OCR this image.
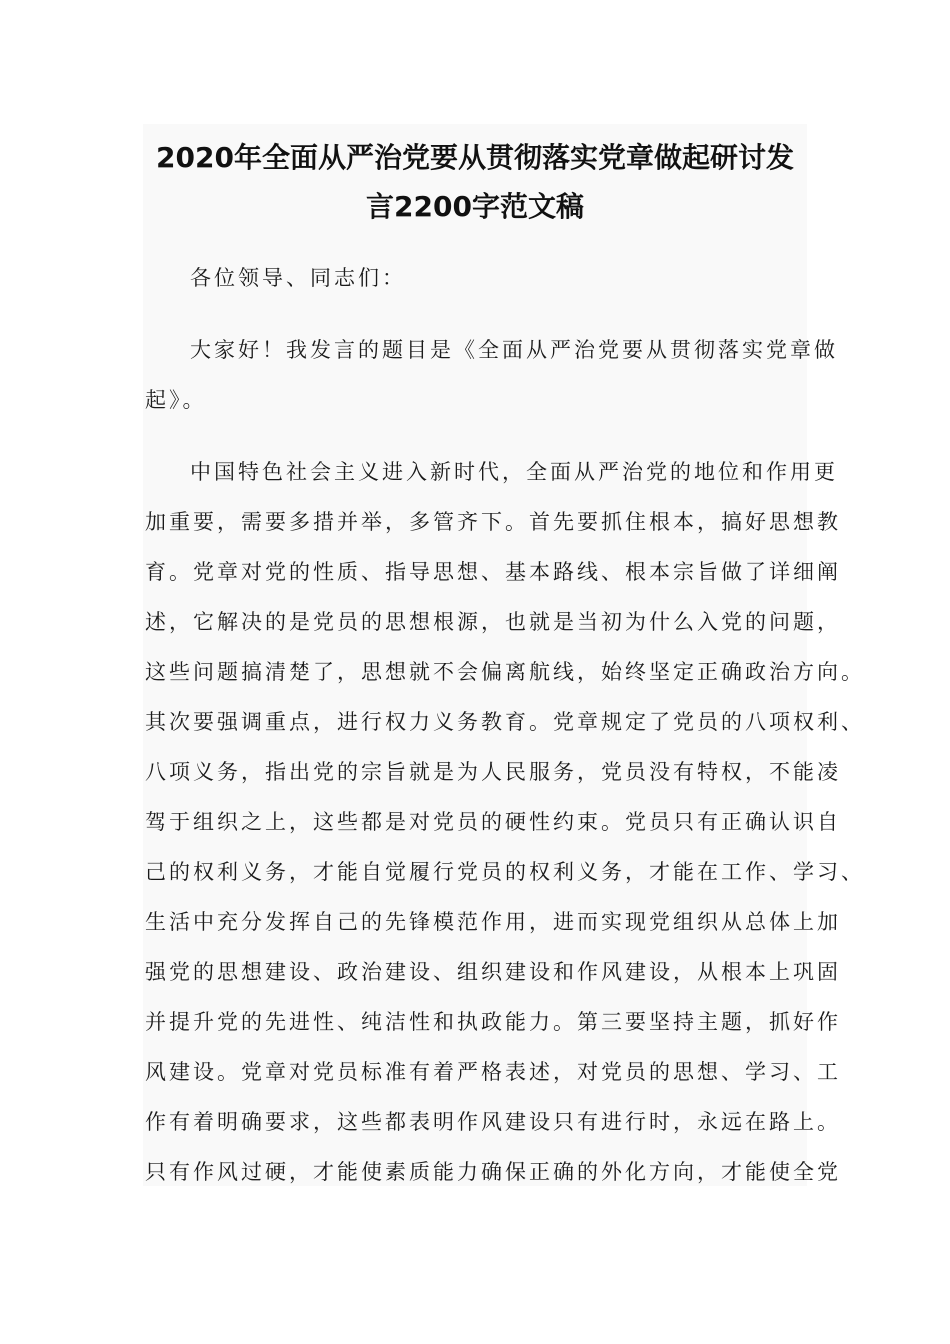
2020年全面从严治党要从贯彻落实党章做起研讨发
言2200字范文稿
各位领导、同志们：
大家好！我发言的题目是《全面从严治党要从贯彻落实党章做
起》。
中国特色社会主义进入新时代，全面从严治党的地位和作用更
加重要，需要多措并举，多管齐下。首先要抓住根本，搞好思想教
育。党章对党的性质、指导思想、基本路线、根本宗旨做了详细阐
述，它解决的是党员的思想根源，也就是当初为什么入党的问题，
这些问题搞清楚了，思想就不会偏离航线，始终坚定正确政治方向。
其次要强调重点，进行权力义务教育。党章规定了党员的八项权利、
八项义务，指出党的宗旨就是为人民服务，党员没有特权，不能凌
驾于组织之上，这些都是对党员的硬性约束。党员只有正确认识自
己的权利义务，才能自觉履行党员的权利义务，才能在工作、学习、
生活中充分发挥自己的先锋模范作用，进而实现党组织从总体上加
强党的思想建设、政治建设、组织建设和作风建设，从根本上巩固
并提升党的先进性、纯洁性和执政能力。第三要坚持主题，抓好作
风建设。党章对党员标准有着严格表述，对党员的思想、学习、工
作有着明确要求，这些都表明作风建设只有进行时，永远在路上。
只有作风过硬，才能使素质能力确保正确的外化方向，才能使全党
